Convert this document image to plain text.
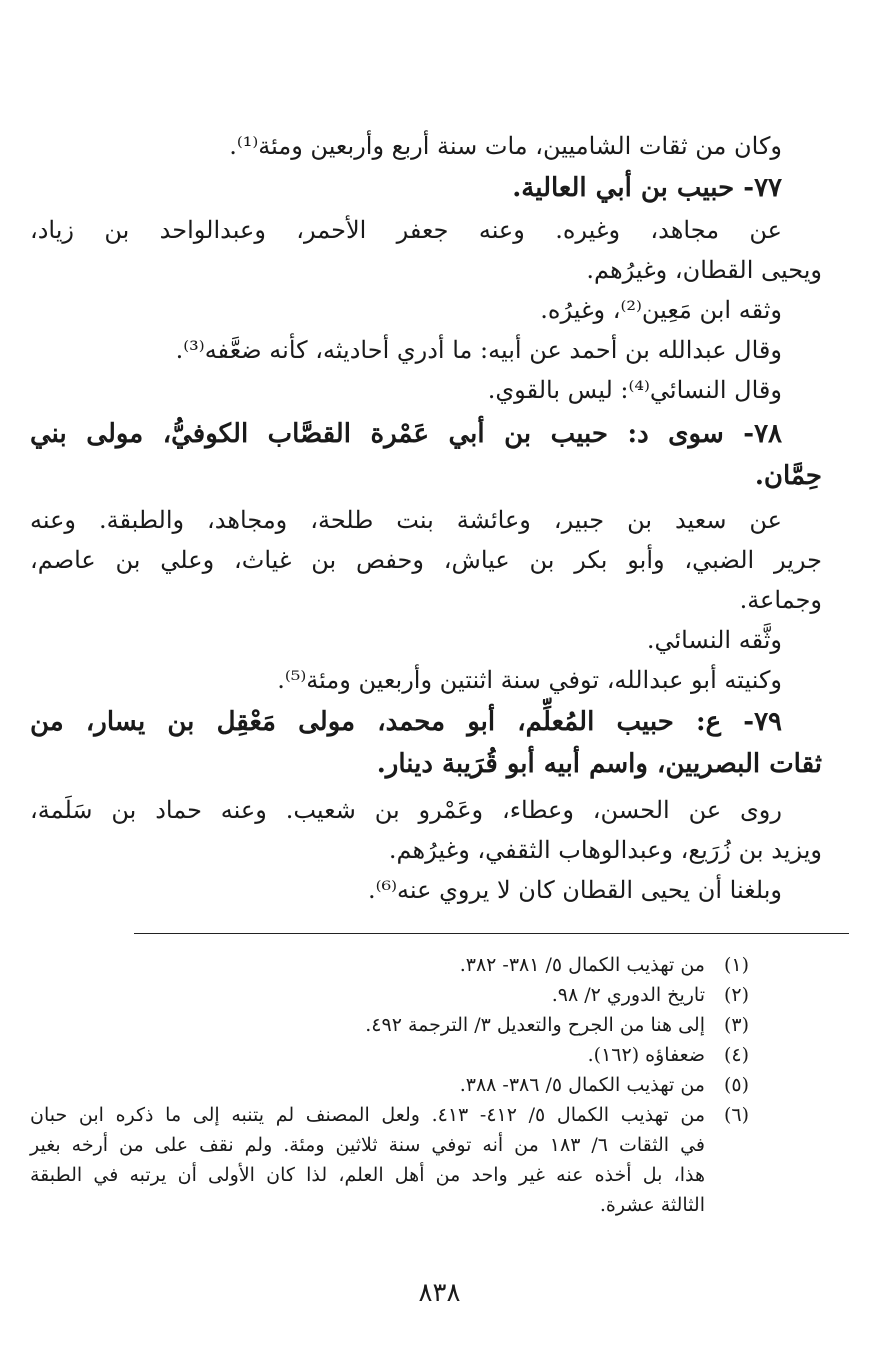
وكان من ثقات الشاميين، مات سنة أربع وأربعين ومئة⁽¹⁾.
٧٧- حبيب بن أبي العالية.
عن مجاهد، وغيره. وعنه جعفر الأحمر، وعبدالواحد بن زياد،
ويحيى القطان، وغيرُهم.
وثقه ابن مَعِين⁽²⁾، وغيرُه.
وقال عبدالله بن أحمد عن أبيه: ما أدري أحاديثه، كأنه ضعَّفه⁽³⁾.
وقال النسائي⁽⁴⁾: ليس بالقوي.
٧٨- سوى د: حبيب بن أبي عَمْرة القصَّاب الكوفيُّ، مولى بني
حِمَّان.
عن سعيد بن جبير، وعائشة بنت طلحة، ومجاهد، والطبقة. وعنه
جرير الضبي، وأبو بكر بن عياش، وحفص بن غياث، وعلي بن عاصم،
وجماعة.
وثَّقه النسائي.
وكنيته أبو عبدالله، توفي سنة اثنتين وأربعين ومئة⁽⁵⁾.
٧٩- ع: حبيب المُعلِّم، أبو محمد، مولى مَعْقِل بن يسار، من
ثقات البصريين، واسم أبيه أبو قُرَيبة دينار.
روى عن الحسن، وعطاء، وعَمْرو بن شعيب. وعنه حماد بن سَلَمة،
ويزيد بن زُرَيع، وعبدالوهاب الثقفي، وغيرُهم.
وبلغنا أن يحيى القطان كان لا يروي عنه⁽⁶⁾.
(١)
من تهذيب الكمال ٥/ ٣٨١- ٣٨٢.
(٢)
تاريخ الدوري ٢/ ٩٨.
(٣)
إلى هنا من الجرح والتعديل ٣/ الترجمة ٤٩٢.
(٤)
ضعفاؤه (١٦٢).
(٥)
من تهذيب الكمال ٥/ ٣٨٦- ٣٨٨.
(٦)
من تهذيب الكمال ٥/ ٤١٢- ٤١٣. ولعل المصنف لم يتنبه إلى ما ذكره ابن حبان
في الثقات ٦/ ١٨٣ من أنه توفي سنة ثلاثين ومئة. ولم نقف على من أرخه بغير
هذا، بل أخذه عنه غير واحد من أهل العلم، لذا كان الأولى أن يرتبه في الطبقة
الثالثة عشرة.
٨٣٨
